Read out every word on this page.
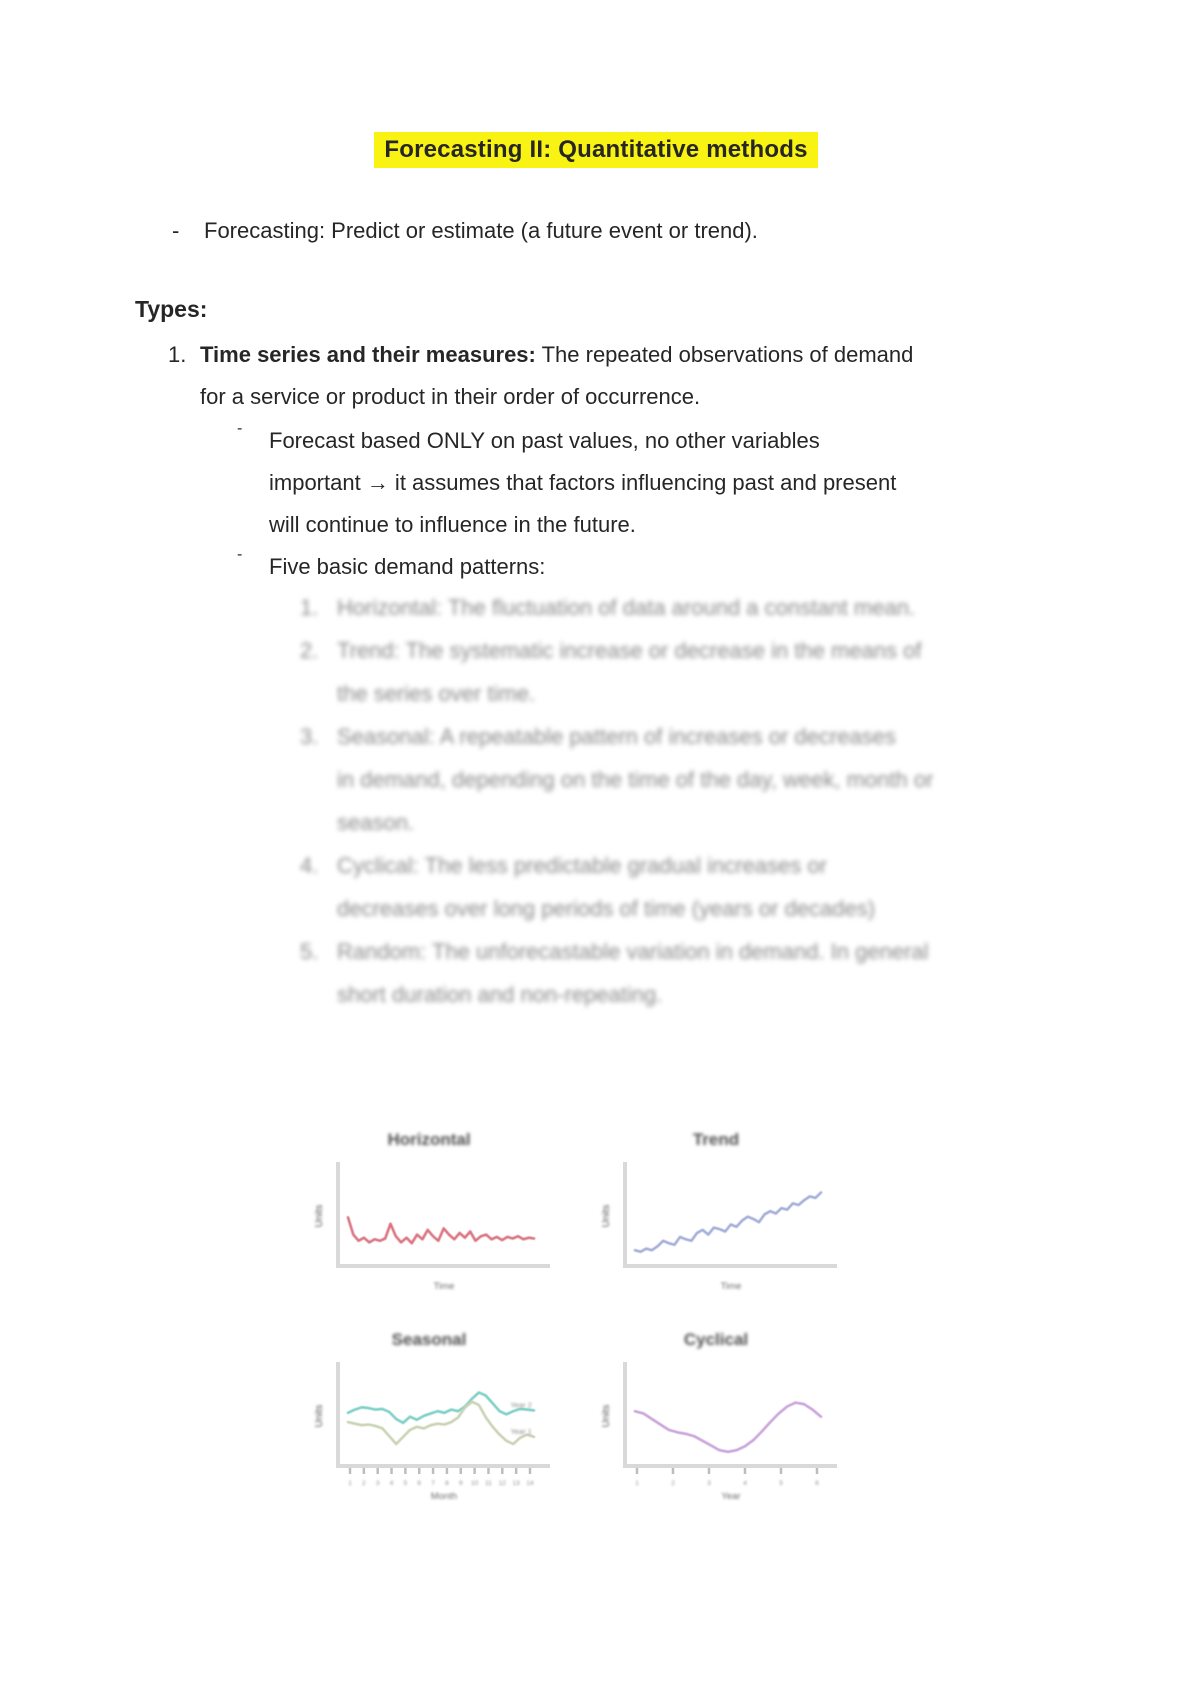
Forecasting II: Quantitative methods
-	Forecasting: Predict or estimate (a future event or trend).
Types:
1. Time series and their measures: The repeated observations of demand
for a service or product in their order of occurrence.
-	Forecast based ONLY on past values, no other variables
important → it assumes that factors influencing past and present
will continue to influence in the future.
-	Five basic demand patterns:
1. Horizontal: The fluctuation of data around a constant mean.
2. Trend: The systematic increase or decrease in the means of
the series over time.
3. Seasonal: A repeatable pattern of increases or decreases
in demand, depending on the time of the day, week, month or
season.
4. Cyclical: The less predictable gradual increases or
decreases over long periods of time (years or decades)
5. Random: The unforecastable variation in demand. In general
short duration and non-repeating.
Horizontal
Units
Time
Trend
Units
Time
Seasonal
Units
1 2 3 4 5 6 7 8 9 10 11 12 13 14
Month
Year 2
Year 1
Cyclical
Units
1	2	3	4	5	6
Year
